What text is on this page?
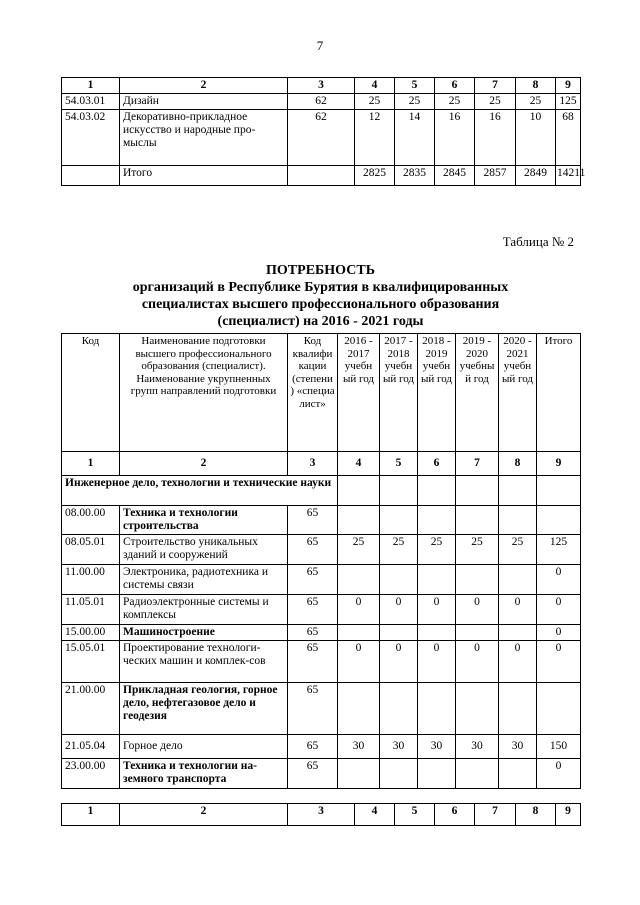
7
1	2	3	4	5	6	7	8	9
54.03.01	Дизайн	62	25	25	25	25	25	125
54.03.02	Декоративно-прикладное искусство и народные про-мыслы	62	12	14	16	16	10	68
	Итого		2825	2835	2845	2857	2849	14211
Таблица № 2
ПОТРЕБНОСТЬ
организаций в Республике Бурятия в квалифицированных
специалистах высшего профессионального образования
(специалист) на 2016 - 2021 годы
Код	Наименование подготовки высшего профессионального образования (специалист). Наименование укрупненных групп направлений подготовки	Код квалифи кации (степени ) «специа лист»	2016 - 2017 учебн ый год	2017 - 2018 учебн ый год	2018 - 2019 учебн ый год	2019 - 2020 учебны й год	2020 - 2021 учебн ый год	Итого
1	2	3	4	5	6	7	8	9
Инженерное дело, технологии и технические науки								
08.00.00	Техника и технологии строительства	65						
08.05.01	Строительство уникальных зданий и сооружений	65	25	25	25	25	25	125
11.00.00	Электроника, радиотехника и системы связи	65						0
11.05.01	Радиоэлектронные системы и комплексы	65	0	0	0	0	0	0
15.00.00	Машиностроение	65						0
15.05.01	Проектирование технологи-ческих машин и комплек-сов	65	0	0	0	0	0	0
21.00.00	Прикладная геология, горное дело, нефтегазовое дело и геодезия	65						
21.05.04	Горное дело	65	30	30	30	30	30	150
23.00.00	Техника и технологии на-земного транспорта	65						0
1	2	3	4	5	6	7	8	9
